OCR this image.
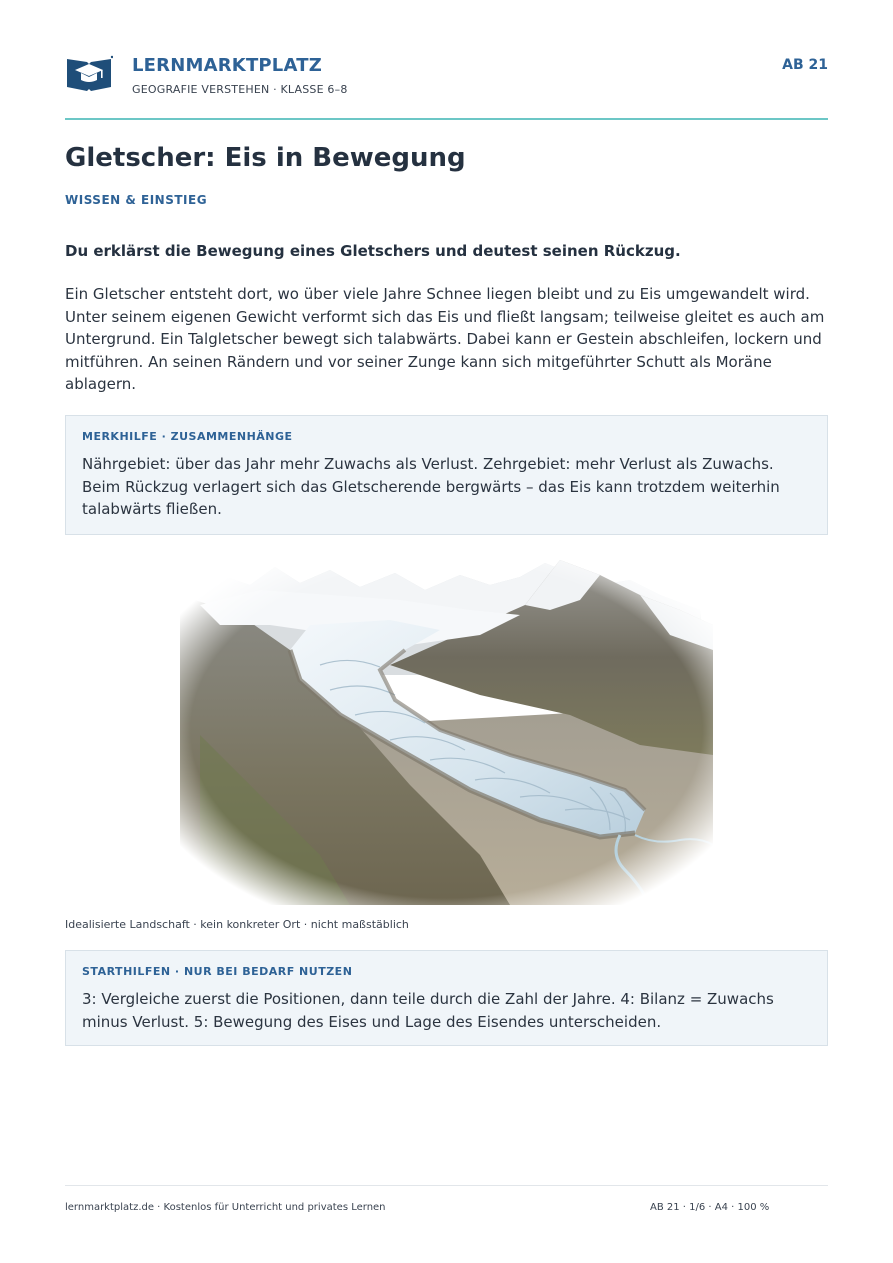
LERNMARKTPLATZ
GEOGRAFIE VERSTEHEN · KLASSE 6–8
AB 21
Gletscher: Eis in Bewegung
WISSEN & EINSTIEG
Du erklärst die Bewegung eines Gletschers und deutest seinen Rückzug.

Ein Gletscher entsteht dort, wo über viele Jahre Schnee liegen bleibt und zu Eis umgewandelt wird. Unter seinem eigenen Gewicht verformt sich das Eis und fließt langsam; teilweise gleitet es auch am Untergrund. Ein Talgletscher bewegt sich talabwärts. Dabei kann er Gestein abschleifen, lockern und mitführen. An seinen Rändern und vor seiner Zunge kann sich mitgeführter Schutt als Moräne ablagern.

MERKHILFE · ZUSAMMENHÄNGE
Nährgebiet: über das Jahr mehr Zuwachs als Verlust. Zehrgebiet: mehr Verlust als Zuwachs. Beim Rückzug verlagert sich das Gletscherende bergwärts – das Eis kann trotzdem weiterhin talabwärts fließen.
Idealisierte Landschaft · kein konkreter Ort · nicht maßstäblich
STARTHILFEN · NUR BEI BEDARF NUTZEN
3: Vergleiche zuerst die Positionen, dann teile durch die Zahl der Jahre. 4: Bilanz = Zuwachs minus Verlust. 5: Bewegung des Eises und Lage des Eisendes unterscheiden.
lernmarktplatz.de · Kostenlos für Unterricht und privates Lernen	AB 21 · 1/6 · A4 · 100 %
